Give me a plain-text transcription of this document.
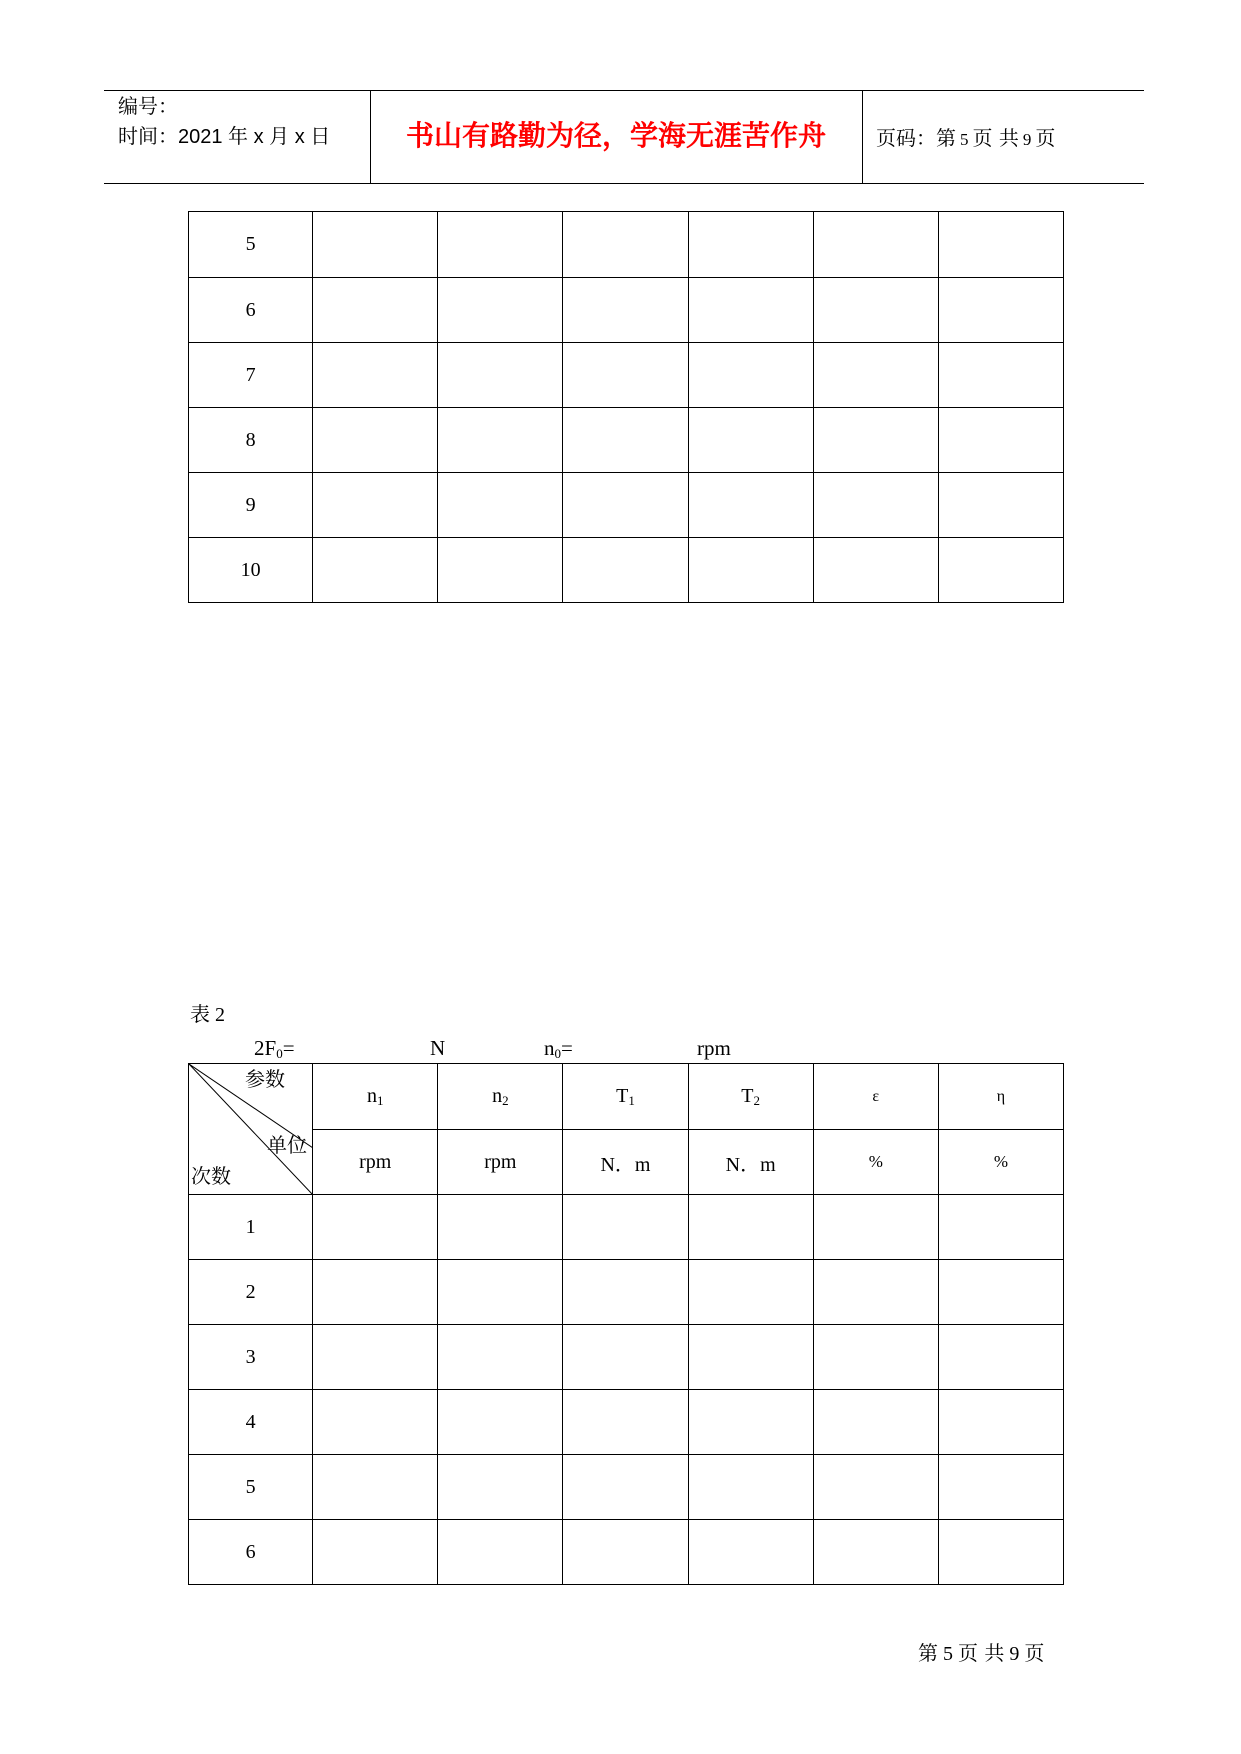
编号：
时间：2021 年 x 月 x 日	书山有路勤为径，学海无涯苦作舟	页码：第 5 页 共 9 页
5						
6						
7						
8						
9						
10						
表 2
$2F_0=$	N	$n_0=$	rpm
参数
单位
次数	$n_1$	$n_2$	$T_1$	$T_2$	ε	η
	rpm	rpm	N．m	N．m	%	%
1						
2						
3						
4						
5						
6						
第 5 页 共 9 页
